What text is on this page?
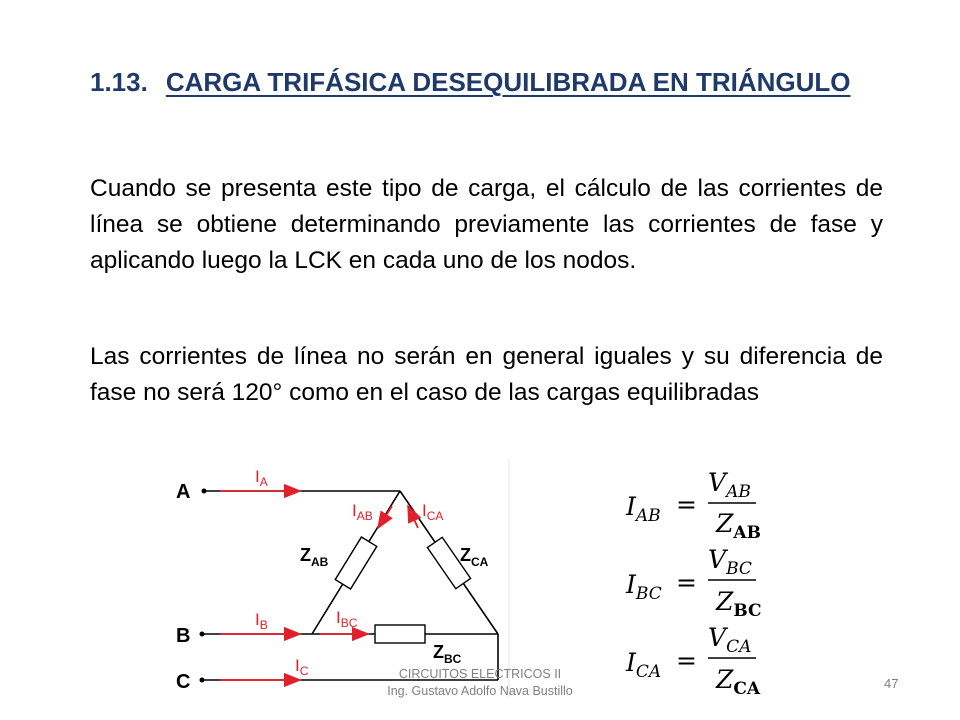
1.13. CARGA TRIFÁSICA DESEQUILIBRADA EN TRIÁNGULO
Cuando se presenta este tipo de carga, el cálculo de las corrientes de línea se obtiene determinando previamente las corrientes de fase y aplicando luego la LCK en cada uno de los nodos.
Las corrientes de línea no serán en general iguales y su diferencia de fase no será 120° como en el caso de las cargas equilibradas
A
B
C
$I_A$
$I_B$
$I_C$
$I_{AB}$
$I_{BC}$
$I_{CA}$
$Z_{AB}$	$Z_{CA}$
$Z_{BC}$
$I_{AB}$ =
$V_{AB}$
$Z_{AB}$
$I_{BC}$ =
$V_{BC}$
$Z_{BC}$
$I_{CA}$ =
$V_{CA}$
$Z_{CA}$
CIRCUITOS ELECTRICOS II
Ing. Gustavo Adolfo Nava Bustillo	47
